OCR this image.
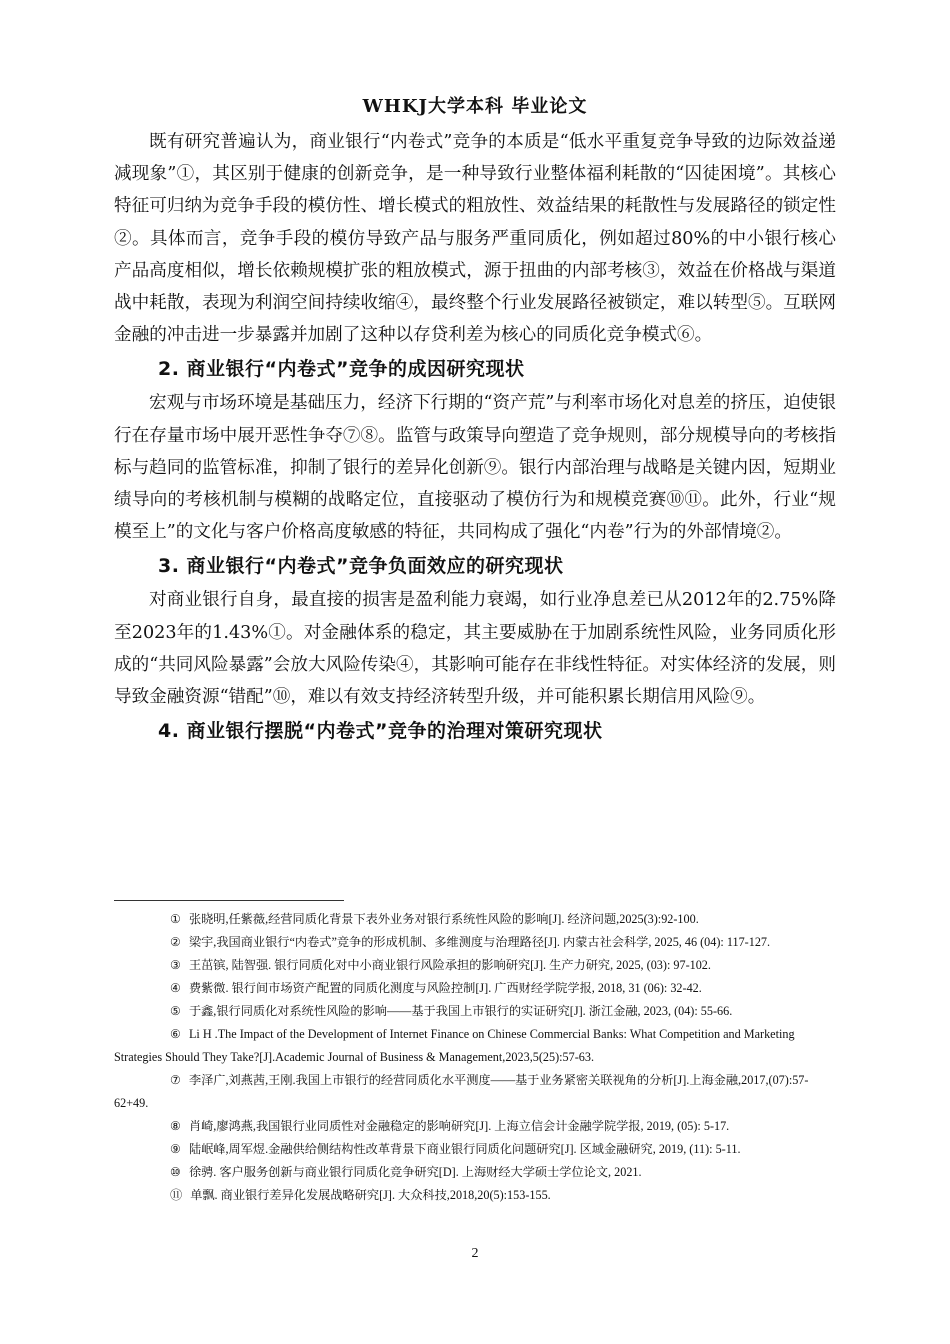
WHKJ大学本科 毕业论文

既有研究普遍认为，商业银行“内卷式”竞争的本质是“低水平重复竞争导致的边际效益递减现象”①，其区别于健康的创新竞争，是一种导致行业整体福利耗散的“囚徒困境”。其核心特征可归纳为竞争手段的模仿性、增长模式的粗放性、效益结果的耗散性与发展路径的锁定性②。具体而言，竞争手段的模仿导致产品与服务严重同质化，例如超过80%的中小银行核心产品高度相似，增长依赖规模扩张的粗放模式，源于扭曲的内部考核③，效益在价格战与渠道战中耗散，表现为利润空间持续收缩④，最终整个行业发展路径被锁定，难以转型⑤。互联网金融的冲击进一步暴露并加剧了这种以存贷利差为核心的同质化竞争模式⑥。

2. 商业银行“内卷式”竞争的成因研究现状

宏观与市场环境是基础压力，经济下行期的“资产荒”与利率市场化对息差的挤压，迫使银行在存量市场中展开恶性争夺⑦⑧。监管与政策导向塑造了竞争规则，部分规模导向的考核指标与趋同的监管标准，抑制了银行的差异化创新⑨。银行内部治理与战略是关键内因，短期业绩导向的考核机制与模糊的战略定位，直接驱动了模仿行为和规模竞赛⑩⑪。此外，行业“规模至上”的文化与客户价格高度敏感的特征，共同构成了强化“内卷”行为的外部情境②。

3. 商业银行“内卷式”竞争负面效应的研究现状

对商业银行自身，最直接的损害是盈利能力衰竭，如行业净息差已从2012年的2.75%降至2023年的1.43%①。对金融体系的稳定，其主要威胁在于加剧系统性风险，业务同质化形成的“共同风险暴露”会放大风险传染④，其影响可能存在非线性特征。对实体经济的发展，则导致金融资源“错配”⑩，难以有效支持经济转型升级，并可能积累长期信用风险⑨。

4. 商业银行摆脱“内卷式”竞争的治理对策研究现状

① 张晓明,任紫薇,经营同质化背景下表外业务对银行系统性风险的影响[J]. 经济问题,2025(3):92-100.

② 梁宇,我国商业银行“内卷式”竞争的形成机制、多维测度与治理路径[J]. 内蒙古社会科学, 2025, 46 (04): 117-127.

③ 王茁镔, 陆智强. 银行同质化对中小商业银行风险承担的影响研究[J]. 生产力研究, 2025, (03): 97-102.

④ 费紫微. 银行间市场资产配置的同质化测度与风险控制[J]. 广西财经学院学报, 2018, 31 (06): 32-42.

⑤ 于鑫,银行同质化对系统性风险的影响——基于我国上市银行的实证研究[J]. 浙江金融, 2023, (04): 55-66.

⑥ Li H .The Impact of the Development of Internet Finance on Chinese Commercial Banks: What Competition and Marketing Strategies Should They Take?[J].Academic Journal of Business & Management,2023,5(25):57-63.

⑦ 李泽广,刘燕茜,王刚.我国上市银行的经营同质化水平测度——基于业务紧密关联视角的分析[J].上海金融,2017,(07):57-62+49.

⑧ 肖崎,廖鸿燕,我国银行业同质性对金融稳定的影响研究[J]. 上海立信会计金融学院学报, 2019, (05): 5-17.

⑨ 陆岷峰,周军煜.金融供给侧结构性改革背景下商业银行同质化问题研究[J]. 区域金融研究, 2019, (11): 5-11.

⑩ 徐骋. 客户服务创新与商业银行同质化竞争研究[D]. 上海财经大学硕士学位论文, 2021.

⑪ 单飘. 商业银行差异化发展战略研究[J]. 大众科技,2018,20(5):153-155.

2
